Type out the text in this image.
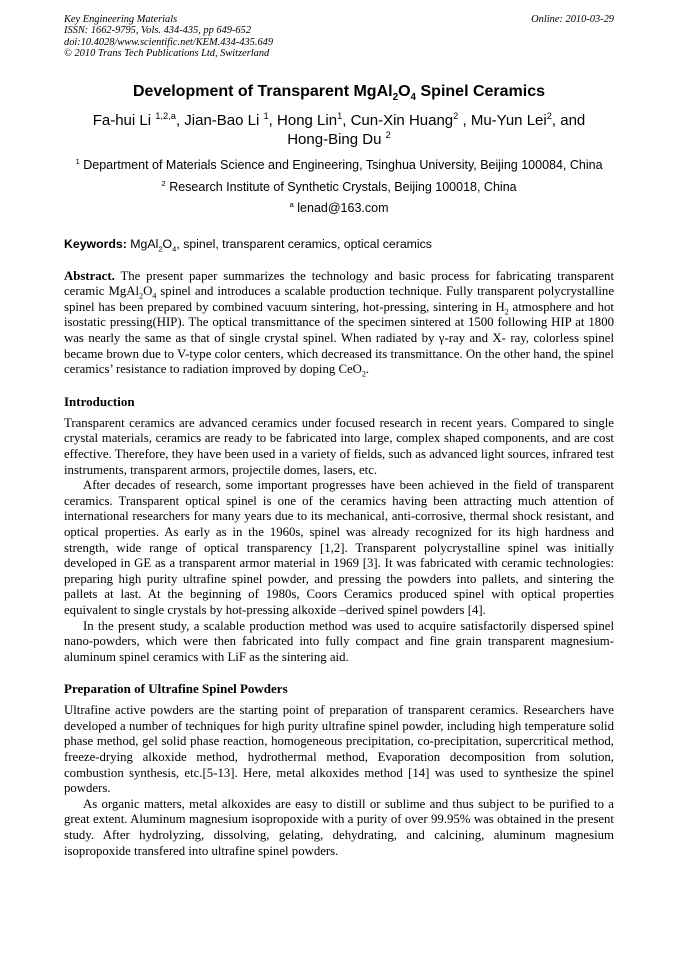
Key Engineering Materials	Online: 2010-03-29
ISSN: 1662-9795, Vols. 434-435, pp 649-652
doi:10.4028/www.scientific.net/KEM.434-435.649
© 2010 Trans Tech Publications Ltd, Switzerland
Development of Transparent $MgAl_2O_4$ Spinel Ceramics
Fa-hui Li $^{1,2,a}$, Jian-Bao Li $^1$, Hong Lin$^1$, Cun-Xin Huang$^2$ , Mu-Yun Lei$^2$, and
Hong-Bing Du $^2$
$^1$ Department of Materials Science and Engineering, Tsinghua University, Beijing 100084, China
$^2$ Research Institute of Synthetic Crystals, Beijing 100018, China
$^a$ lenad@163.com
Keywords: $MgAl_2O_4$, spinel, transparent ceramics, optical ceramics

Abstract. The present paper summarizes the technology and basic process for fabricating transparent ceramic $MgAl_2O_4$ spinel and introduces a scalable production technique. Fully transparent polycrystalline spinel has been prepared by combined vacuum sintering, hot-pressing, sintering in $H_2$ atmosphere and hot isostatic pressing(HIP). The optical transmittance of the specimen sintered at 1500 following HIP at 1800 was nearly the same as that of single crystal spinel. When radiated by γ-ray and X- ray, colorless spinel became brown due to V-type color centers, which decreased its transmittance. On the other hand, the spinel ceramics’ resistance to radiation improved by doping CeO$_2$.

Introduction

Transparent ceramics are advanced ceramics under focused research in recent years. Compared to single crystal materials, ceramics are ready to be fabricated into large, complex shaped components, and are cost effective. Therefore, they have been used in a variety of fields, such as advanced light sources, infrared test instruments, transparent armors, projectile domes, lasers, etc.

After decades of research, some important progresses have been achieved in the field of transparent ceramics. Transparent optical spinel is one of the ceramics having been attracting much attention of international researchers for many years due to its mechanical, anti-corrosive, thermal shock resistant, and optical properties. As early as in the 1960s, spinel was already recognized for its high hardness and strength, wide range of optical transparency [1,2]. Transparent polycrystalline spinel was initially developed in GE as a transparent armor material in 1969 [3]. It was fabricated with ceramic technologies: preparing high purity ultrafine spinel powder, and pressing the powders into pallets, and sintering the pallets at last. At the beginning of 1980s, Coors Ceramics produced spinel with optical properties equivalent to single crystals by hot-pressing alkoxide –derived spinel powders [4].

In the present study, a scalable production method was used to acquire satisfactorily dispersed spinel nano-powders, which were then fabricated into fully compact and fine grain transparent magnesium-aluminum spinel ceramics with LiF as the sintering aid.

Preparation of Ultrafine Spinel Powders

Ultrafine active powders are the starting point of preparation of transparent ceramics. Researchers have developed a number of techniques for high purity ultrafine spinel powder, including high temperature solid phase method, gel solid phase reaction, homogeneous precipitation, co-precipitation, supercritical method, freeze-drying alkoxide method, hydrothermal method, Evaporation decomposition from solution, combustion synthesis, etc.[5-13]. Here, metal alkoxides method [14] was used to synthesize the spinel powders.

As organic matters, metal alkoxides are easy to distill or sublime and thus subject to be purified to a great extent. Aluminum magnesium isopropoxide with a purity of over 99.95% was obtained in the present study. After hydrolyzing, dissolving, gelating, dehydrating, and calcining, aluminum magnesium isopropoxide transfered into ultrafine spinel powders.
